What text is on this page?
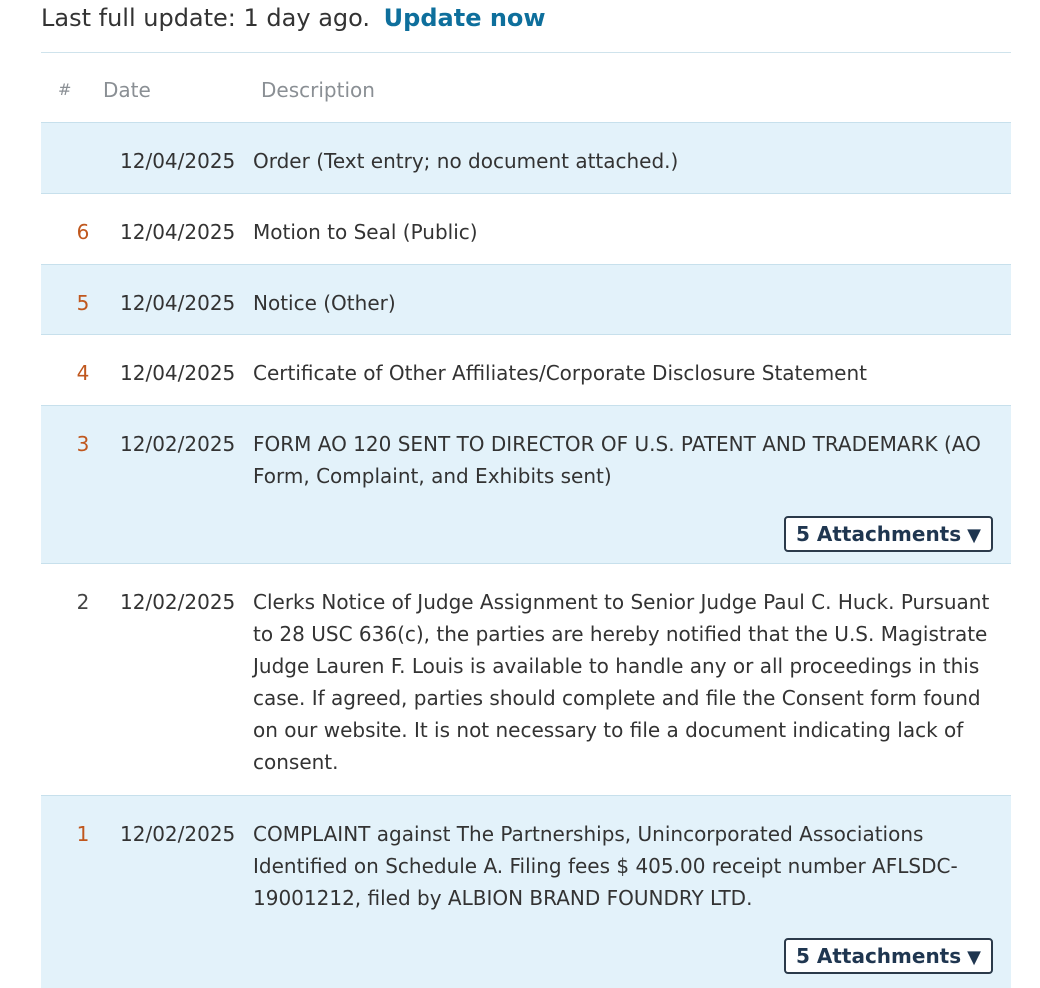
Last full update: 1 day ago. Update now
# Date	Description
12/04/2025 Order (Text entry; no document attached.)
6 12/04/2025 Motion to Seal (Public)
5 12/04/2025 Notice (Other)
4 12/04/2025 Certificate of Other Affiliates/Corporate Disclosure Statement
3 12/02/2025 FORM AO 120 SENT TO DIRECTOR OF U.S. PATENT AND TRADEMARK (AO Form, Complaint, and Exhibits sent)
5 Attachments ▼
2 12/02/2025 Clerks Notice of Judge Assignment to Senior Judge Paul C. Huck. Pursuant to 28 USC 636(c), the parties are hereby notified that the U.S. Magistrate Judge Lauren F. Louis is available to handle any or all proceedings in this case. If agreed, parties should complete and file the Consent form found on our website. It is not necessary to file a document indicating lack of consent.
1 12/02/2025 COMPLAINT against The Partnerships, Unincorporated Associations Identified on Schedule A. Filing fees $ 405.00 receipt number AFLSDC-19001212, filed by ALBION BRAND FOUNDRY LTD.
5 Attachments ▼
